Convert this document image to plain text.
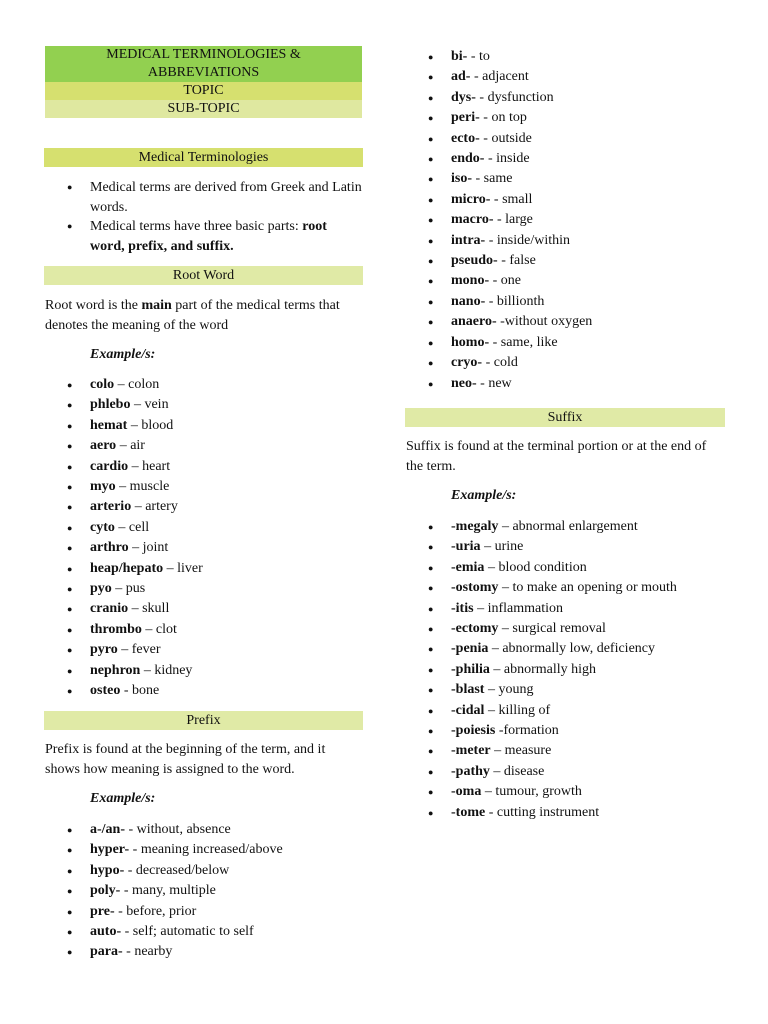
MEDICAL TERMINOLOGIES &
ABBREVIATIONS
TOPIC
SUB-TOPIC
Medical Terminologies
● Medical terms are derived from Greek and Latin words.
● Medical terms have three basic parts: root word, prefix, and suffix.
Root Word

Root word is the main part of the medical terms that denotes the meaning of the word

Example/s:
● colo – colon
● phlebo – vein
● hemat – blood
● aero – air
● cardio – heart
● myo – muscle
● arterio – artery
● cyto – cell
● arthro – joint
● heap/hepato – liver
● pyo – pus
● cranio – skull
● thrombo – clot
● pyro – fever
● nephron – kidney
● osteo - bone
Prefix

Prefix is found at the beginning of the term, and it shows how meaning is assigned to the word.

Example/s:
● a-/an- - without, absence
● hyper- - meaning increased/above
● hypo- - decreased/below
● poly- - many, multiple
● pre- - before, prior
● auto- - self; automatic to self
● para- - nearby
● bi- - to
● ad- - adjacent
● dys- - dysfunction
● peri- - on top
● ecto- - outside
● endo- - inside
● iso- - same
● micro- - small
● macro- - large
● intra- - inside/within
● pseudo- - false
● mono- - one
● nano- - billionth
● anaero- -without oxygen
● homo- - same, like
● cryo- - cold
● neo- - new
Suffix

Suffix is found at the terminal portion or at the end of the term.

Example/s:
● -megaly – abnormal enlargement
● -uria – urine
● -emia – blood condition
● -ostomy – to make an opening or mouth
● -itis – inflammation
● -ectomy – surgical removal
● -penia – abnormally low, deficiency
● -philia – abnormally high
● -blast – young
● -cidal – killing of
● -poiesis -formation
● -meter – measure
● -pathy – disease
● -oma – tumour, growth
● -tome - cutting instrument
